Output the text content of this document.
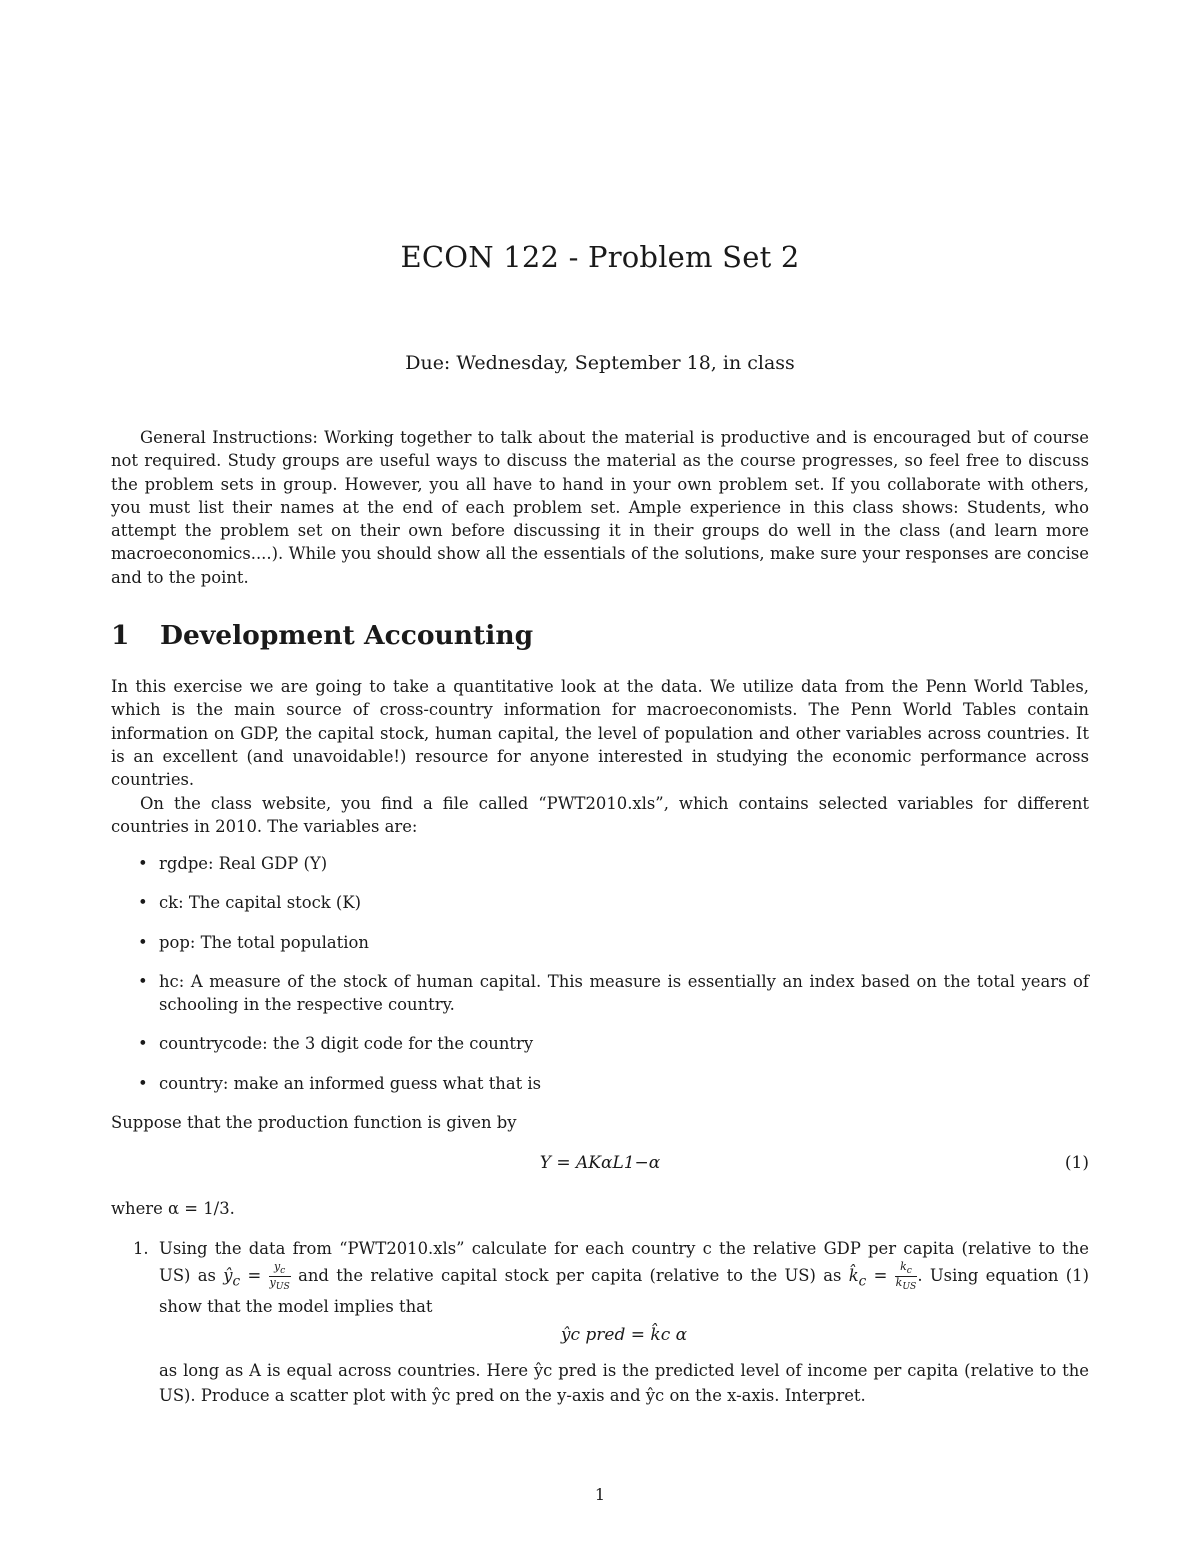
ECON 122 - Problem Set 2

Due: Wednesday, September 18, in class

General Instructions: Working together to talk about the material is productive and is encouraged but of course not required. Study groups are useful ways to discuss the material as the course progresses, so feel free to discuss the problem sets in group. However, you all have to hand in your own problem set. If you collaborate with others, you must list their names at the end of each problem set. Ample experience in this class shows: Students, who attempt the problem set on their own before discussing it in their groups do well in the class (and learn more macroeconomics....). While you should show all the essentials of the solutions, make sure your responses are concise and to the point.

1 Development Accounting

In this exercise we are going to take a quantitative look at the data. We utilize data from the Penn World Tables, which is the main source of cross-country information for macroeconomists. The Penn World Tables contain information on GDP, the capital stock, human capital, the level of population and other variables across countries. It is an excellent (and unavoidable!) resource for anyone interested in studying the economic performance across countries.

On the class website, you find a file called “PWT2010.xls”, which contains selected variables for different countries in 2010. The variables are:

• rgdpe: Real GDP (Y)
• ck: The capital stock (K)
• pop: The total population
• hc: A measure of the stock of human capital. This measure is essentially an index based on the total years of schooling in the respective country.
• countrycode: the 3 digit code for the country
• country: make an informed guess what that is

Suppose that the production function is given by

Y = AKαL1−α	(1)

where α = 1/3.

1. Using the data from “PWT2010.xls” calculate for each country c the relative GDP per capita (relative to the US) as $ŷ_c = \frac{y_c}{y_{US}}$ and the relative capital stock per capita (relative to the US) as $k̂_c = \frac{k_c}{k_{US}}$ . Using equation (1) show that the model implies that
ŷc pred = k̂c α
as long as A is equal across countries. Here ŷc pred is the predicted level of income per capita (relative to the US). Produce a scatter plot with ŷc pred on the y-axis and ŷc on the x-axis. Interpret.

1
